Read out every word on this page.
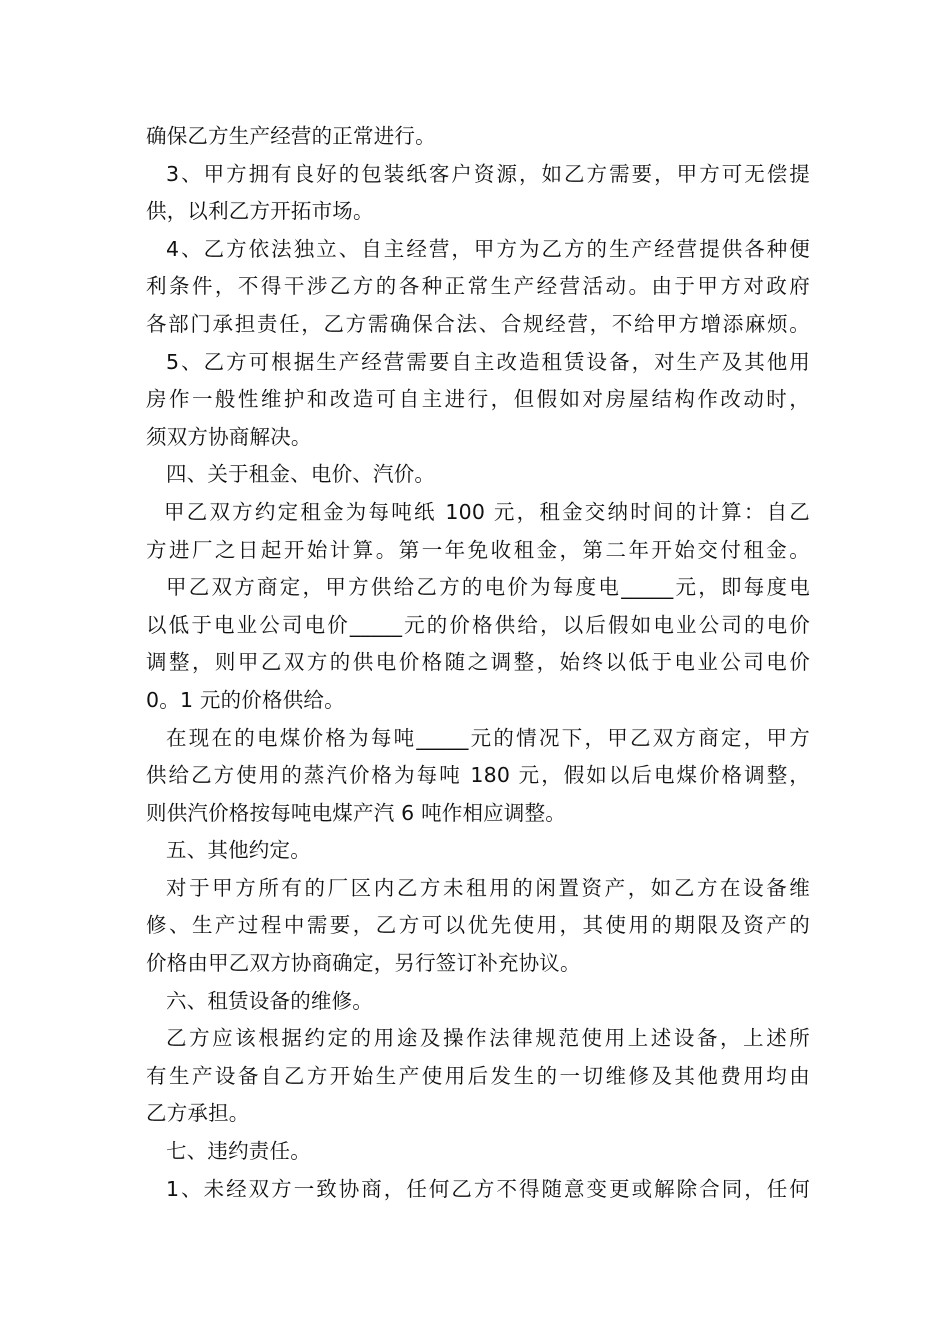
确保乙方生产经营的正常进行。
3、甲方拥有良好的包装纸客户资源，如乙方需要，甲方可无偿提
供，以利乙方开拓市场。
4、乙方依法独立、自主经营，甲方为乙方的生产经营提供各种便
利条件，不得干涉乙方的各种正常生产经营活动。由于甲方对政府
各部门承担责任，乙方需确保合法、合规经营，不给甲方增添麻烦。
5、乙方可根据生产经营需要自主改造租赁设备，对生产及其他用
房作一般性维护和改造可自主进行，但假如对房屋结构作改动时，
须双方协商解决。
四、关于租金、电价、汽价。
甲乙双方约定租金为每吨纸 100 元，租金交纳时间的计算：自乙
方进厂之日起开始计算。第一年免收租金，第二年开始交付租金。
甲乙双方商定，甲方供给乙方的电价为每度电_____元，即每度电
以低于电业公司电价_____元的价格供给，以后假如电业公司的电价
调整，则甲乙双方的供电价格随之调整，始终以低于电业公司电价
0。1 元的价格供给。
在现在的电煤价格为每吨_____元的情况下，甲乙双方商定，甲方
供给乙方使用的蒸汽价格为每吨 180 元，假如以后电煤价格调整，
则供汽价格按每吨电煤产汽 6 吨作相应调整。
五、其他约定。
对于甲方所有的厂区内乙方未租用的闲置资产，如乙方在设备维
修、生产过程中需要，乙方可以优先使用，其使用的期限及资产的
价格由甲乙双方协商确定，另行签订补充协议。
六、租赁设备的维修。
乙方应该根据约定的用途及操作法律规范使用上述设备，上述所
有生产设备自乙方开始生产使用后发生的一切维修及其他费用均由
乙方承担。
七、违约责任。
1、未经双方一致协商，任何乙方不得随意变更或解除合同，任何
